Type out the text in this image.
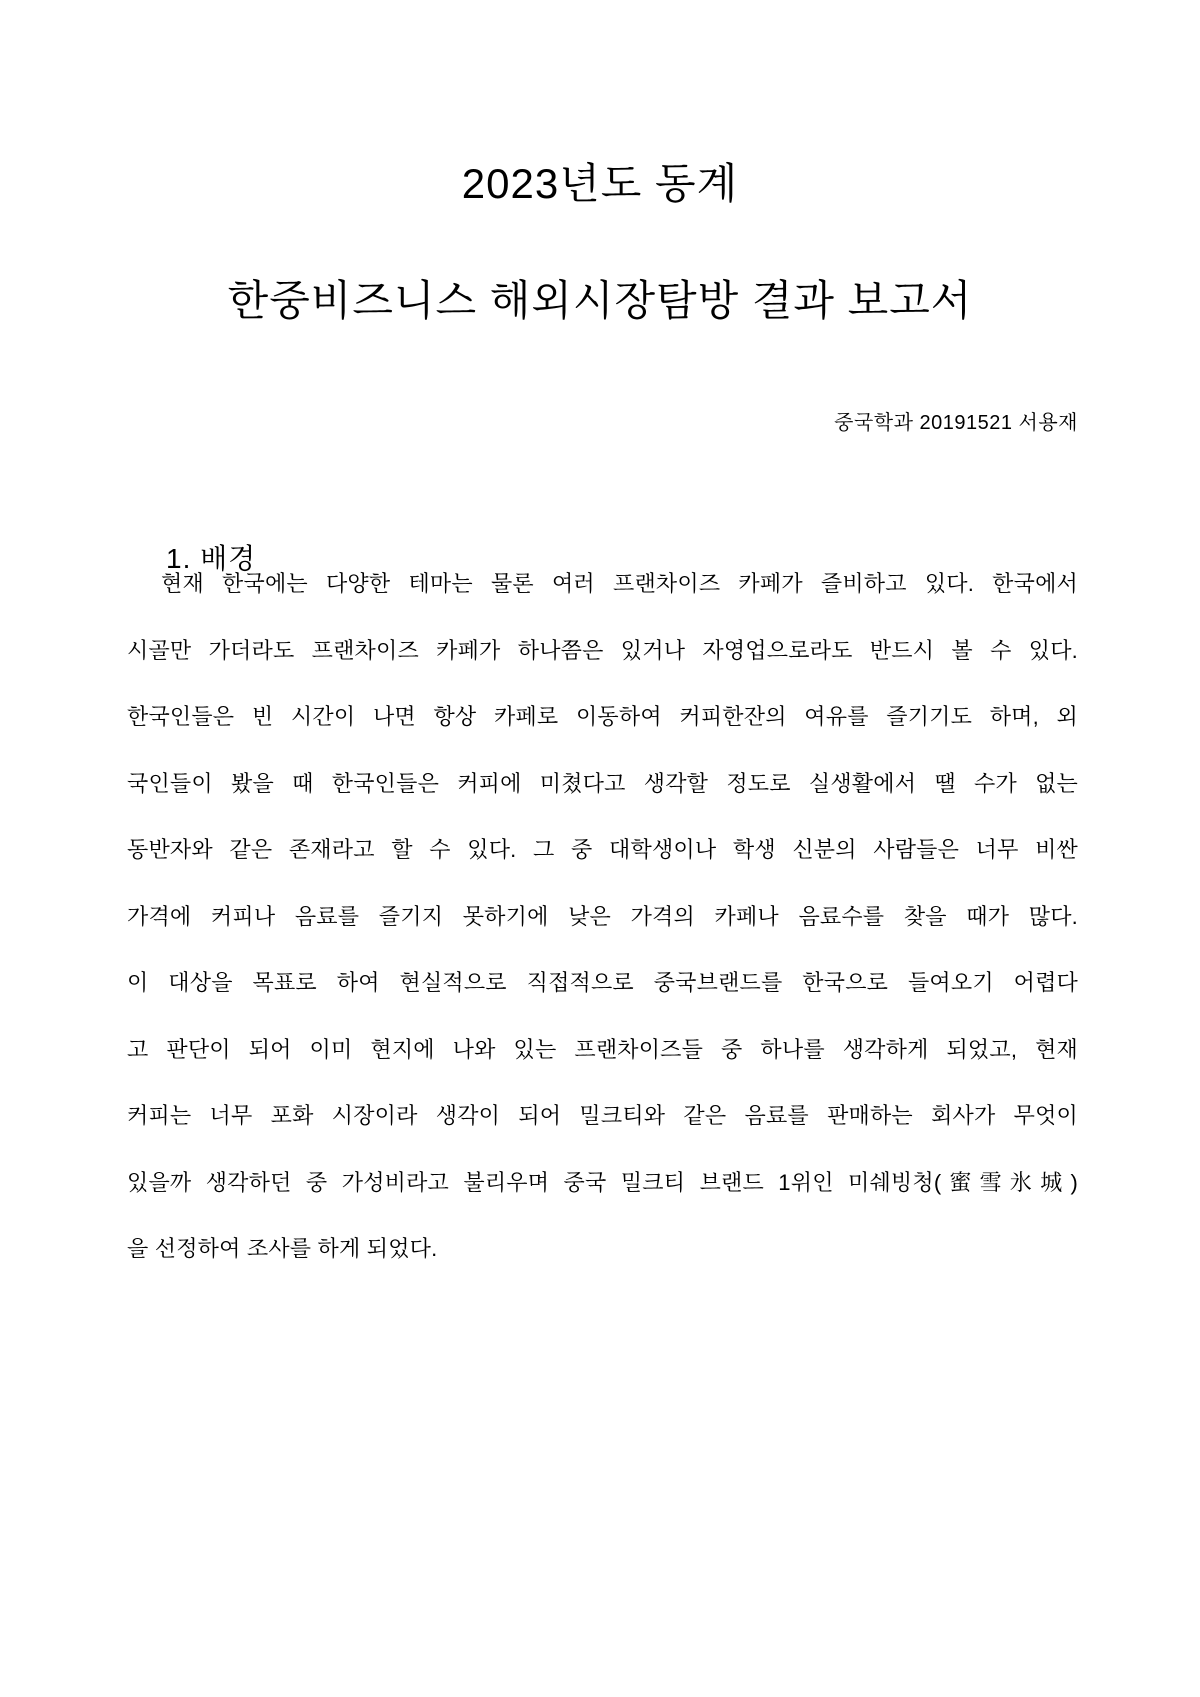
2023년도 동계
한중비즈니스 해외시장탐방 결과 보고서
중국학과 20191521 서용재
1. 배경
현재 한국에는 다양한 테마는 물론 여러 프랜차이즈 카페가 즐비하고 있다. 한국에서
시골만 가더라도 프랜차이즈 카페가 하나쯤은 있거나 자영업으로라도 반드시 볼 수 있다.
한국인들은 빈 시간이 나면 항상 카페로 이동하여 커피한잔의 여유를 즐기기도 하며, 외
국인들이 봤을 때 한국인들은 커피에 미쳤다고 생각할 정도로 실생활에서 땔 수가 없는
동반자와 같은 존재라고 할 수 있다. 그 중 대학생이나 학생 신분의 사람들은 너무 비싼
가격에 커피나 음료를 즐기지 못하기에 낮은 가격의 카페나 음료수를 찾을 때가 많다.
이 대상을 목표로 하여 현실적으로 직접적으로 중국브랜드를 한국으로 들여오기 어렵다
고 판단이 되어 이미 현지에 나와 있는 프랜차이즈들 중 하나를 생각하게 되었고, 현재
커피는 너무 포화 시장이라 생각이 되어 밀크티와 같은 음료를 판매하는 회사가 무엇이
있을까 생각하던 중 가성비라고 불리우며 중국 밀크티 브랜드 1위인 미쉐빙청(蜜雪氷城)
을 선정하여 조사를 하게 되었다.
